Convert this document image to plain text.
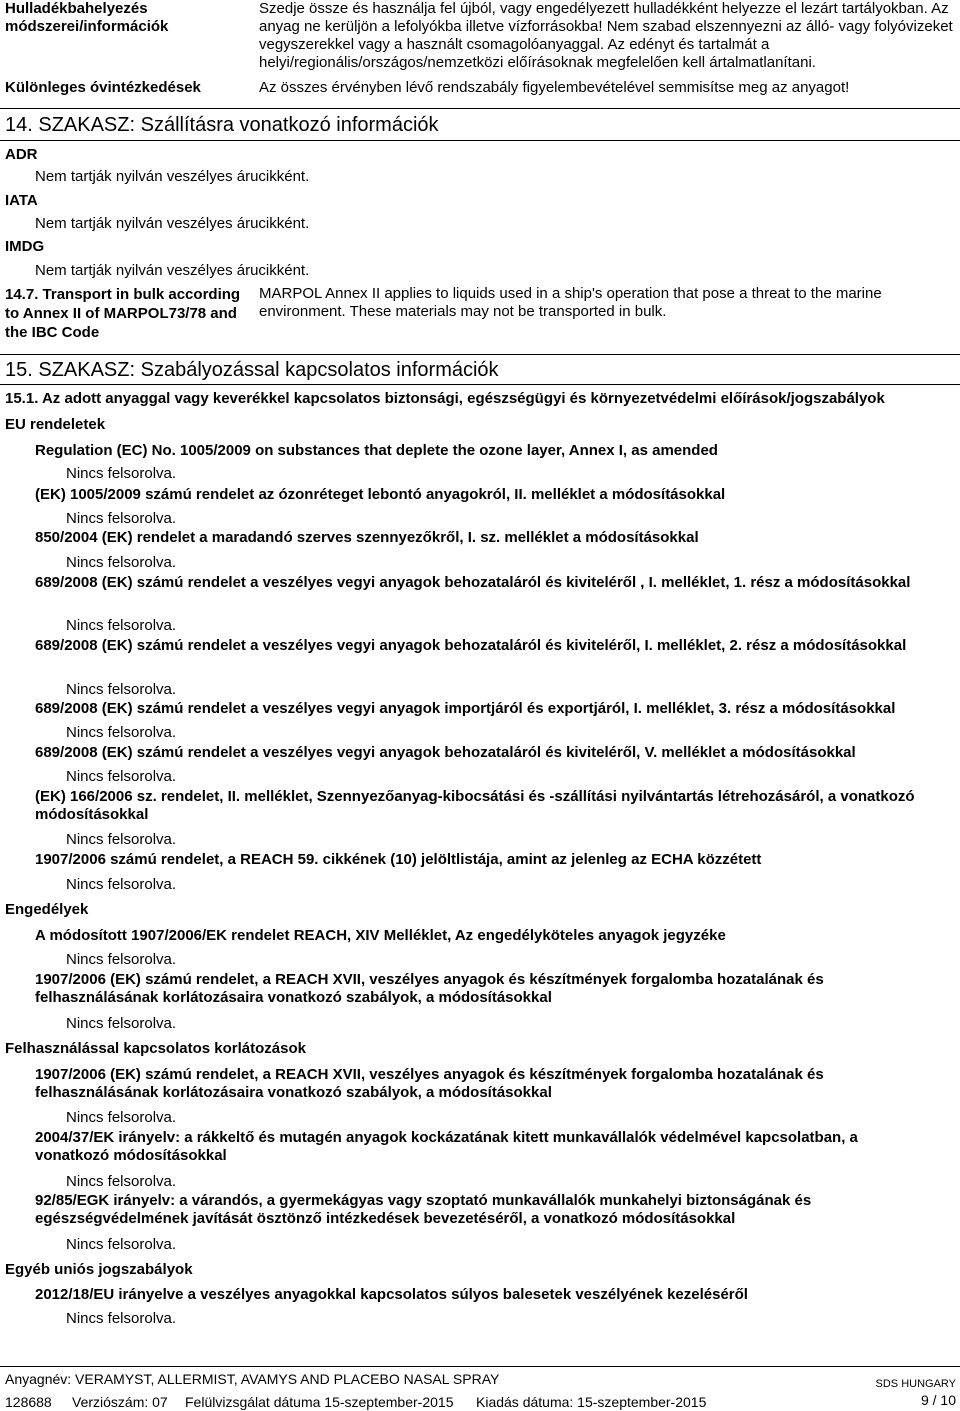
Hulladékbahelyezés módszerei/információk
Szedje össze és használja fel újból, vagy engedélyezett hulladékként helyezze el lezárt tartályokban. Az anyag ne kerüljön a lefolyókba illetve vízforrásokba! Nem szabad elszennyezni az álló- vagy folyóvizeket vegyszerekkel vagy a használt csomagolóanyaggal. Az edényt és tartalmát a helyi/regionális/országos/nemzetközi előírásoknak megfelelően kell ártalmatlanítani.
Különleges óvintézkedések	Az összes érvényben lévő rendszabály figyelembevételével semmisítse meg az anyagot!
14. SZAKASZ: Szállításra vonatkozó információk
ADR
Nem tartják nyilván veszélyes árucikként.
IATA
Nem tartják nyilván veszélyes árucikként.
IMDG
Nem tartják nyilván veszélyes árucikként.
14.7. Transport in bulk according to Annex II of MARPOL73/78 and the IBC Code
MARPOL Annex II applies to liquids used in a ship's operation that pose a threat to the marine environment. These materials may not be transported in bulk.
15. SZAKASZ: Szabályozással kapcsolatos információk
15.1. Az adott anyaggal vagy keverékkel kapcsolatos biztonsági, egészségügyi és környezetvédelmi előírások/jogszabályok
EU rendeletek
Regulation (EC) No. 1005/2009 on substances that deplete the ozone layer, Annex I, as amended
Nincs felsorolva.
(EK) 1005/2009 számú rendelet az ózonréteget lebontó anyagokról, II. melléklet a módosításokkal
Nincs felsorolva.
850/2004 (EK) rendelet a maradandó szerves szennyezőkről, I. sz. melléklet a módosításokkal
Nincs felsorolva.
689/2008 (EK) számú rendelet a veszélyes vegyi anyagok behozataláról és kiviteléről , I. melléklet, 1. rész a módosításokkal
Nincs felsorolva.
689/2008 (EK) számú rendelet a veszélyes vegyi anyagok behozataláról és kiviteléről, I. melléklet, 2. rész a módosításokkal
Nincs felsorolva.
689/2008 (EK) számú rendelet a veszélyes vegyi anyagok importjáról és exportjáról, I. melléklet, 3. rész a módosításokkal
Nincs felsorolva.
689/2008 (EK) számú rendelet a veszélyes vegyi anyagok behozataláról és kiviteléről, V. melléklet a módosításokkal
Nincs felsorolva.
(EK) 166/2006 sz. rendelet, II. melléklet, Szennyezőanyag-kibocsátási és -szállítási nyilvántartás létrehozásáról, a vonatkozó módosításokkal
Nincs felsorolva.
1907/2006 számú rendelet, a REACH 59. cikkének (10) jelöltlistája, amint az jelenleg az ECHA közzétett
Nincs felsorolva.
Engedélyek
A módosított 1907/2006/EK rendelet REACH, XIV Melléklet, Az engedélyköteles anyagok jegyzéke
Nincs felsorolva.
1907/2006 (EK) számú rendelet, a REACH XVII, veszélyes anyagok és készítmények forgalomba hozatalának és felhasználásának korlátozásaira vonatkozó szabályok, a módosításokkal
Nincs felsorolva.
Felhasználással kapcsolatos korlátozások
1907/2006 (EK) számú rendelet, a REACH XVII, veszélyes anyagok és készítmények forgalomba hozatalának és felhasználásának korlátozásaira vonatkozó szabályok, a módosításokkal
Nincs felsorolva.
2004/37/EK irányelv: a rákkeltő és mutagén anyagok kockázatának kitett munkavállalók védelmével kapcsolatban, a vonatkozó módosításokkal
Nincs felsorolva.
92/85/EGK irányelv: a várandós, a gyermekágyas vagy szoptató munkavállalók munkahelyi biztonságának és egészségvédelmének javítását ösztönző intézkedések bevezetéséről, a vonatkozó módosításokkal
Nincs felsorolva.
Egyéb uniós jogszabályok
2012/18/EU irányelve a veszélyes anyagokkal kapcsolatos súlyos balesetek veszélyének kezeléséről
Nincs felsorolva.
Anyagnév: VERAMYST, ALLERMIST, AVAMYS AND PLACEBO NASAL SPRAY
128688 Verziószám: 07 Felülvizsgálat dátuma 15-szeptember-2015 Kiadás dátuma: 15-szeptember-2015
SDS HUNGARY
9 / 10
